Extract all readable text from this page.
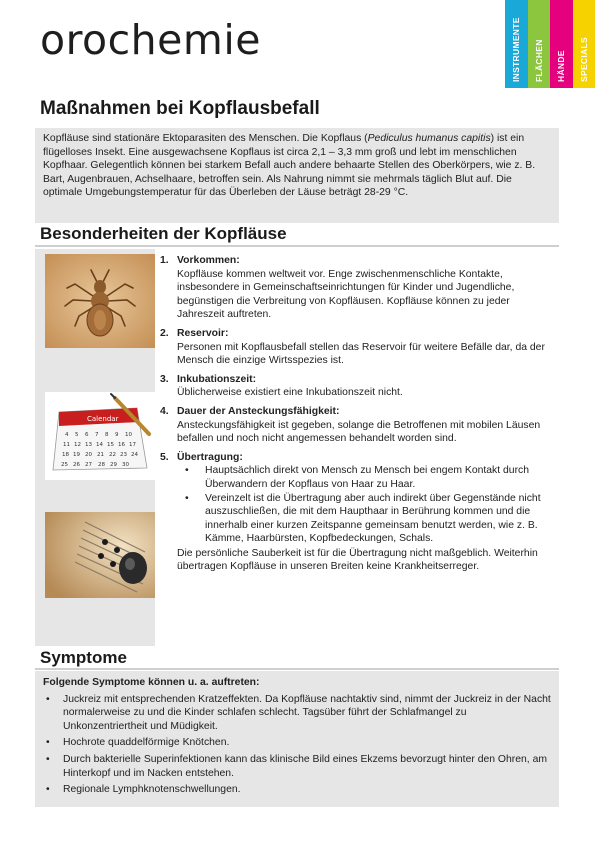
orochemie	INSTRUMENTE FLÄCHEN HÄNDE SPECIALS
Maßnahmen bei Kopflausbefall
Kopfläuse sind stationäre Ektoparasiten des Menschen. Die Kopflaus (Pediculus humanus capitis) ist ein flügelloses Insekt. Eine ausgewachsene Kopflaus ist circa 2,1 – 3,3 mm groß und lebt im menschlichen Kopfhaar. Gelegentlich können bei starkem Befall auch andere behaarte Stellen des Oberkörpers, wie z. B. Bart, Augenbrauen, Achselhaare, betroffen sein. Als Nahrung nimmt sie mehrmals täglich Blut auf. Die optimale Umgebungstemperatur für das Überleben der Läuse beträgt 28-29 °C.
Besonderheiten der Kopfläuse
Calendar
4 5 6 7 8 9 10
11 12 13 14 15 16 17
18 19 20 21 22 23 24
25 26 27 28 29 30
1. Vorkommen:
Kopfläuse kommen weltweit vor. Enge zwischenmenschliche Kontakte, insbesondere in Gemeinschaftseinrichtungen für Kinder und Jugendliche, begünstigen die Verbreitung von Kopfläusen. Kopfläuse können zu jeder Jahreszeit auftreten.
2. Reservoir:
Personen mit Kopflausbefall stellen das Reservoir für weitere Befälle dar, da der Mensch die einzige Wirtsspezies ist.
3. Inkubationszeit:
Üblicherweise existiert eine Inkubationszeit nicht.
4. Dauer der Ansteckungsfähigkeit:
Ansteckungsfähigkeit ist gegeben, solange die Betroffenen mit mobilen Läusen befallen und noch nicht angemessen behandelt worden sind.
5. Übertragung:
• Hauptsächlich direkt von Mensch zu Mensch bei engem Kontakt durch Überwandern der Kopflaus von Haar zu Haar.
• Vereinzelt ist die Übertragung aber auch indirekt über Gegenstände nicht auszuschließen, die mit dem Haupthaar in Berührung kommen und die innerhalb einer kurzen Zeitspanne gemeinsam benutzt werden, wie z. B. Kämme, Haarbürsten, Kopfbedeckungen, Schals.
Die persönliche Sauberkeit ist für die Übertragung nicht maßgeblich. Weiterhin übertragen Kopfläuse in unseren Breiten keine Krankheitserreger.
Symptome
Folgende Symptome können u. a. auftreten:
• Juckreiz mit entsprechenden Kratzeffekten. Da Kopfläuse nachtaktiv sind, nimmt der Juckreiz in der Nacht normalerweise zu und die Kinder schlafen schlecht. Tagsüber führt der Schlafmangel zu Unkonzentriertheit und Müdigkeit.
• Hochrote quaddelförmige Knötchen.
• Durch bakterielle Superinfektionen kann das klinische Bild eines Ekzems bevorzugt hinter den Ohren, am Hinterkopf und im Nacken entstehen.
• Regionale Lymphknotenschwellungen.
